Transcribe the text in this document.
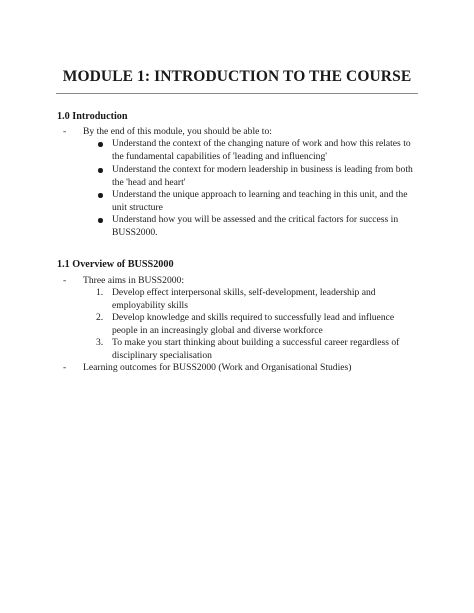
MODULE 1: INTRODUCTION TO THE COURSE
1.0 Introduction
- By the end of this module, you should be able to:
Understand the context of the changing nature of work and how this relates to the fundamental capabilities of 'leading and influencing'
Understand the context for modern leadership in business is leading from both the 'head and heart'
Understand the unique approach to learning and teaching in this unit, and the unit structure
Understand how you will be assessed and the critical factors for success in BUSS2000.
1.1 Overview of BUSS2000
- Three aims in BUSS2000:
1. Develop effect interpersonal skills, self-development, leadership and employability skills
2. Develop knowledge and skills required to successfully lead and influence people in an increasingly global and diverse workforce
3. To make you start thinking about building a successful career regardless of disciplinary specialisation
- Learning outcomes for BUSS2000 (Work and Organisational Studies)
